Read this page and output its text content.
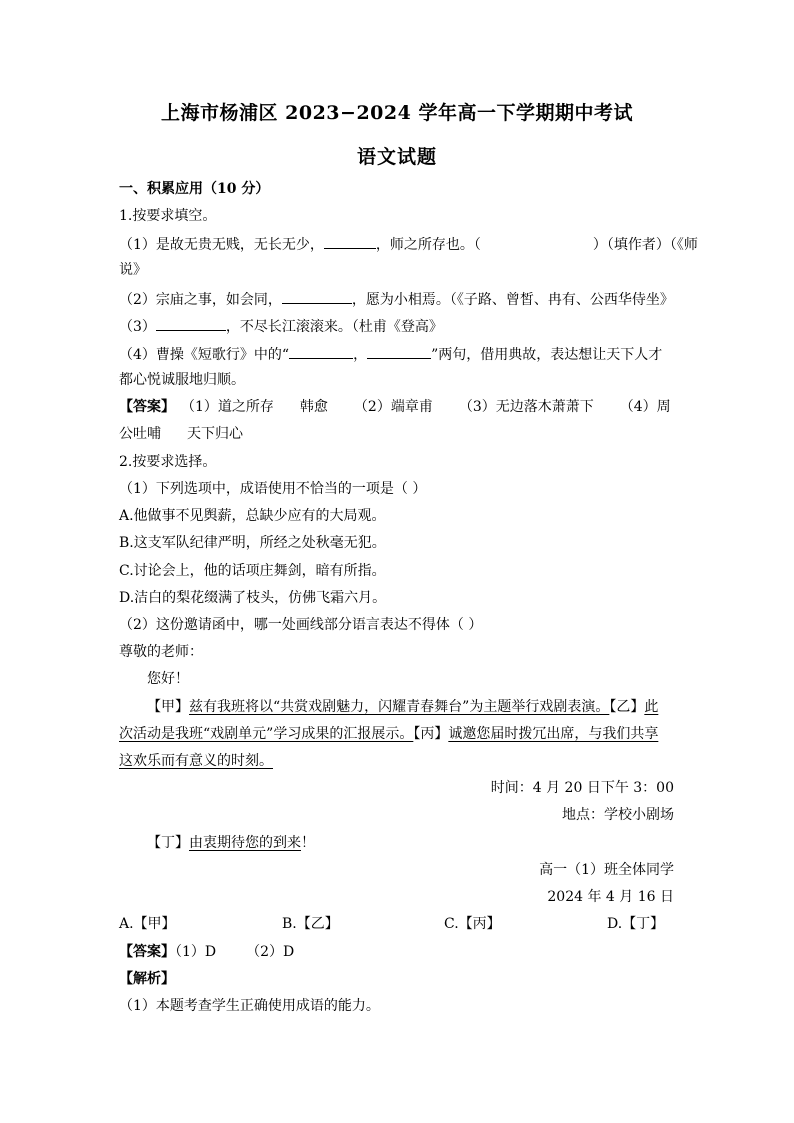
上海市杨浦区 2023−2024 学年高一下学期期中考试
语文试题
一、积累应用（10 分）
1.按要求填空。
（1）是故无贵无贱，无长无少，	，师之所存也。（	）（填作者）（《师
说》
（2）宗庙之事，如会同，	，愿为小相焉。（《子路、曾皙、冉有、公西华侍坐》
（3）	，不尽长江滚滚来。（杜甫《登高》
（4）曹操《短歌行》中的“	，	”两句，借用典故，表达想让天下人才
都心悦诚服地归顺。
【答案】 （1）道之所存 韩愈 （2）端章甫 （3）无边落木萧萧下 （4）周
公吐哺 天下归心
2.按要求选择。
（1）下列选项中，成语使用不恰当的一项是（ ）
A.他做事不见舆薪，总缺少应有的大局观。
B.这支军队纪律严明，所经之处秋毫无犯。
C.讨论会上，他的话项庄舞剑，暗有所指。
D.洁白的梨花缀满了枝头，仿佛飞霜六月。
（2）这份邀请函中，哪一处画线部分语言表达不得体（ ）
尊敬的老师：
您好！
【甲】兹有我班将以“共赏戏剧魅力，闪耀青春舞台”为主题举行戏剧表演。【乙】此
次活动是我班“戏剧单元”学习成果的汇报展示。【丙】诚邀您届时拨冗出席，与我们共享
这欢乐而有意义的时刻。
时间：4 月 20 日下午 3：00
地点：学校小剧场
【丁】由衷期待您的到来！
高一（1）班全体同学
2024 年 4 月 16 日
A.【甲】	B.【乙】	C.【丙】	D.【丁】
【答案】（1）D （2）D
【解析】
（1）本题考查学生正确使用成语的能力。
